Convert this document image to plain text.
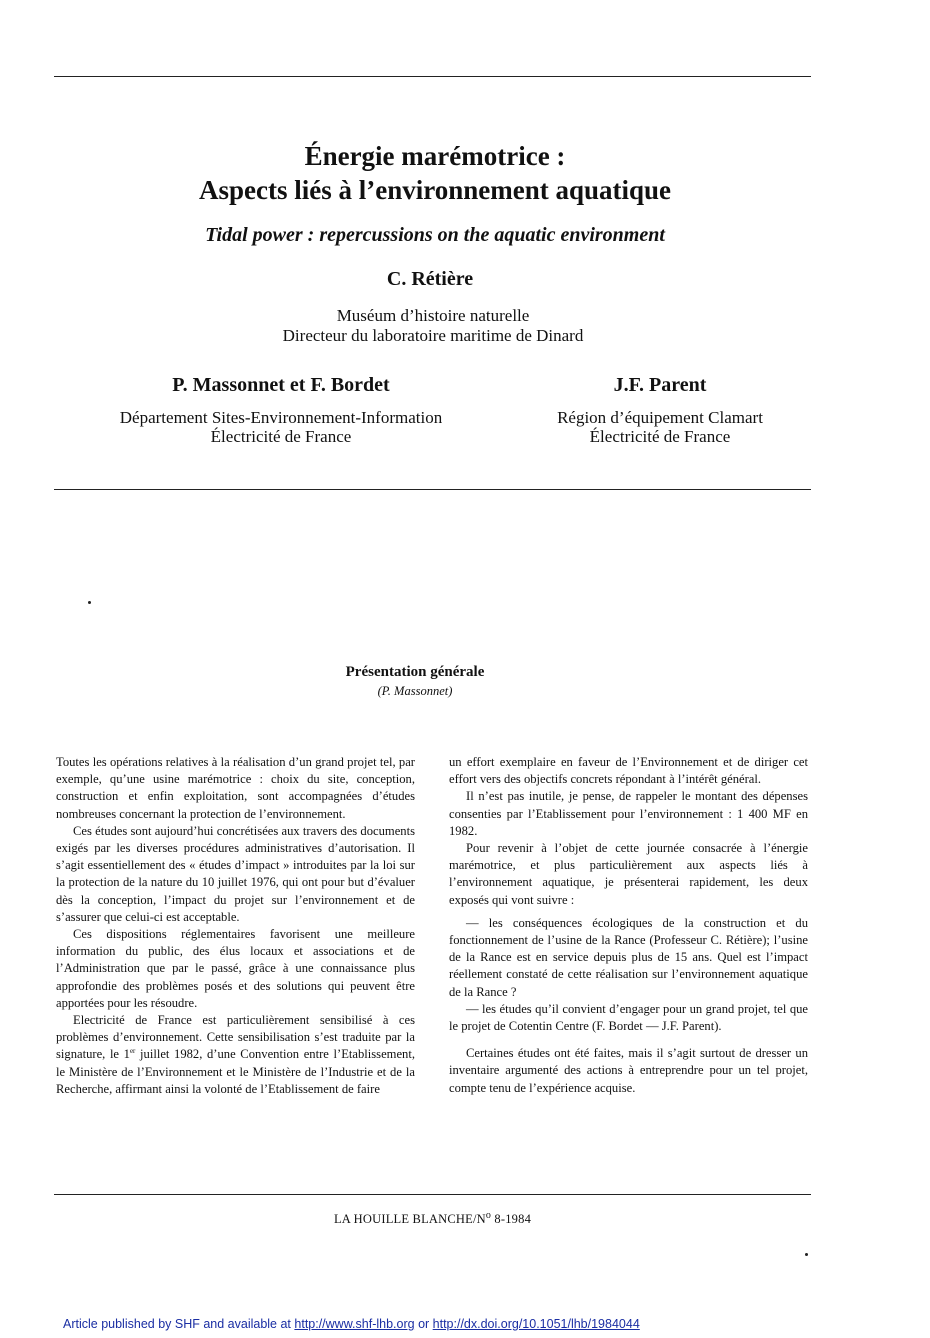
Énergie marémotrice :
Aspects liés à l’environnement aquatique
Tidal power : repercussions on the aquatic environment
C. Rétière
Muséum d’histoire naturelle
Directeur du laboratoire maritime de Dinard
P. Massonnet et F. Bordet
Département Sites-Environnement-Information
Électricité de France
J.F. Parent
Région d’équipement Clamart
Électricité de France
Présentation générale
(P. Massonnet)

Toutes les opérations relatives à la réalisation d’un grand projet tel, par exemple, qu’une usine marémotrice : choix du site, conception, construction et enfin exploitation, sont accompagnées d’études nombreuses concernant la protection de l’environnement.

Ces études sont aujourd’hui concrétisées aux travers des documents exigés par les diverses procédures administratives d’autorisation. Il s’agit essentiellement des « études d’impact » introduites par la loi sur la protection de la nature du 10 juillet 1976, qui ont pour but d’évaluer dès la conception, l’impact du projet sur l’environnement et de s’assurer que celui-ci est acceptable.

Ces dispositions réglementaires favorisent une meilleure information du public, des élus locaux et associations et de l’Administration que par le passé, grâce à une connaissance plus approfondie des problèmes posés et des solutions qui peuvent être apportées pour les résoudre.

Electricité de France est particulièrement sensibilisé à ces problèmes d’environnement. Cette sensibilisation s’est traduite par la signature, le 1er juillet 1982, d’une Convention entre l’Etablissement, le Ministère de l’Environnement et le Ministère de l’Industrie et de la Recherche, affirmant ainsi la volonté de l’Etablissement de faire

un effort exemplaire en faveur de l’Environnement et de diriger cet effort vers des objectifs concrets répondant à l’intérêt général.

Il n’est pas inutile, je pense, de rappeler le montant des dépenses consenties par l’Etablissement pour l’environnement : 1 400 MF en 1982.

Pour revenir à l’objet de cette journée consacrée à l’énergie marémotrice, et plus particulièrement aux aspects liés à l’environnement aquatique, je présenterai rapidement, les deux exposés qui vont suivre :

— les conséquences écologiques de la construction et du fonctionnement de l’usine de la Rance (Professeur C. Rétière); l’usine de la Rance est en service depuis plus de 15 ans. Quel est l’impact réellement constaté de cette réalisation sur l’environnement aquatique de la Rance ?

— les études qu’il convient d’engager pour un grand projet, tel que le projet de Cotentin Centre (F. Bordet — J.F. Parent).

Certaines études ont été faites, mais il s’agit surtout de dresser un inventaire argumenté des actions à entreprendre pour un tel projet, compte tenu de l’expérience acquise.

LA HOUILLE BLANCHE/$N^o$ 8-1984
Article published by SHF and available at http://www.shf-lhb.org or http://dx.doi.org/10.1051/lhb/1984044
